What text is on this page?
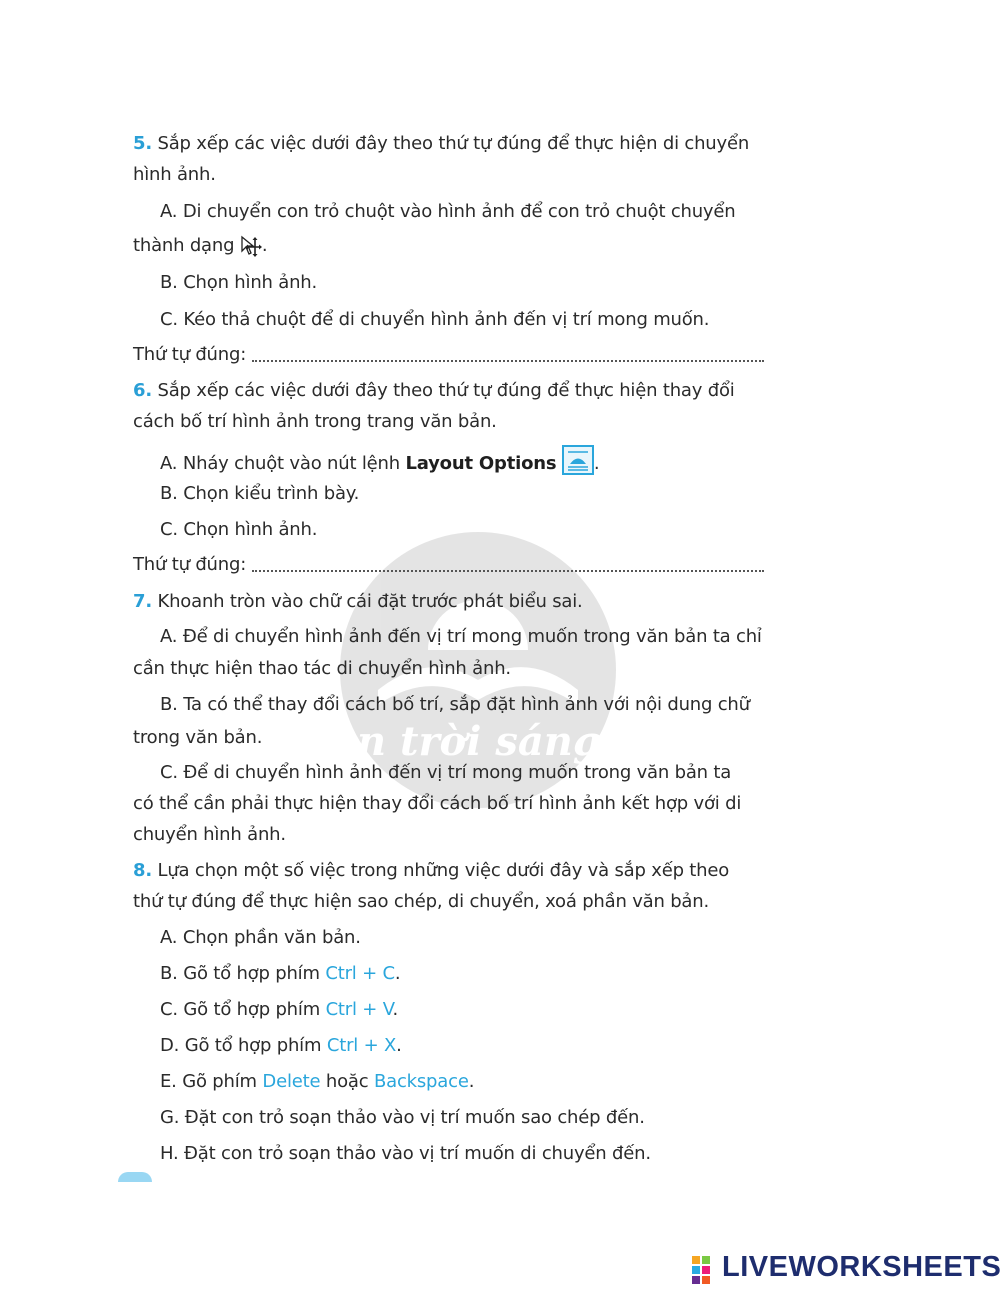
Chân trời sáng tạo
5. Sắp xếp các việc dưới đây theo thứ tự đúng để thực hiện di chuyển
hình ảnh.
A. Di chuyển con trỏ chuột vào hình ảnh để con trỏ chuột chuyển
thành dạng .
B. Chọn hình ảnh.
C. Kéo thả chuột để di chuyển hình ảnh đến vị trí mong muốn.
Thứ tự đúng:
6. Sắp xếp các việc dưới đây theo thứ tự đúng để thực hiện thay đổi
cách bố trí hình ảnh trong trang văn bản.
A. Nháy chuột vào nút lệnh Layout Options .
B. Chọn kiểu trình bày.
C. Chọn hình ảnh.
Thứ tự đúng:
7. Khoanh tròn vào chữ cái đặt trước phát biểu sai.
A. Để di chuyển hình ảnh đến vị trí mong muốn trong văn bản ta chỉ
cần thực hiện thao tác di chuyển hình ảnh.
B. Ta có thể thay đổi cách bố trí, sắp đặt hình ảnh với nội dung chữ
trong văn bản.
C. Để di chuyển hình ảnh đến vị trí mong muốn trong văn bản ta
có thể cần phải thực hiện thay đổi cách bố trí hình ảnh kết hợp với di
chuyển hình ảnh.
8. Lựa chọn một số việc trong những việc dưới đây và sắp xếp theo
thứ tự đúng để thực hiện sao chép, di chuyển, xoá phần văn bản.
A. Chọn phần văn bản.
B. Gõ tổ hợp phím Ctrl + C.
C. Gõ tổ hợp phím Ctrl + V.
D. Gõ tổ hợp phím Ctrl + X.
E. Gõ phím Delete hoặc Backspace.
G. Đặt con trỏ soạn thảo vào vị trí muốn sao chép đến.
H. Đặt con trỏ soạn thảo vào vị trí muốn di chuyển đến.
LIVEWORKSHEETS
